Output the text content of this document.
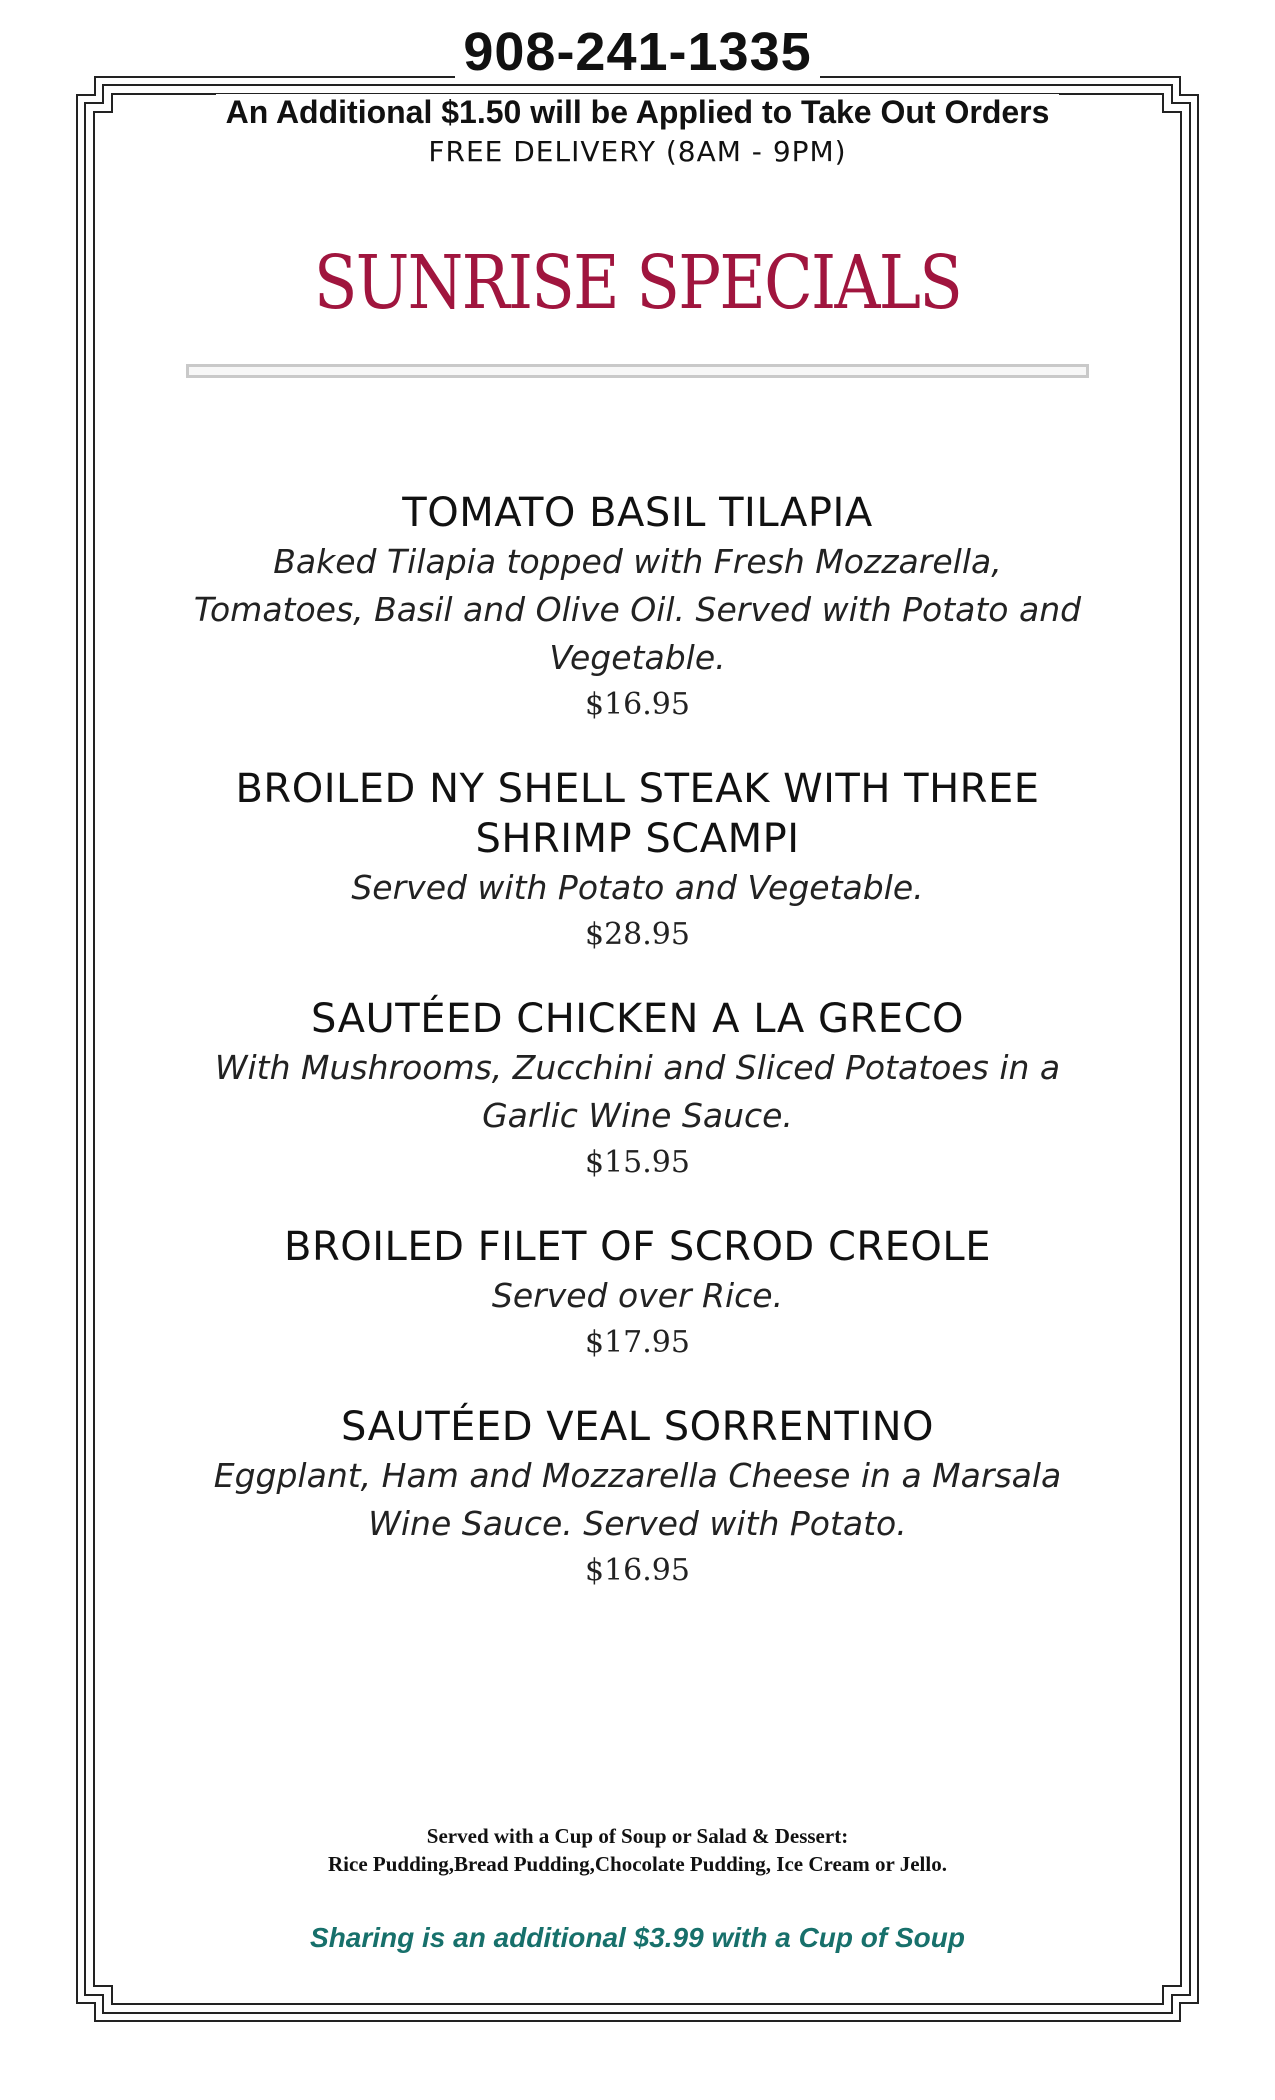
908-241-1335
An Additional $1.50 will be Applied to Take Out Orders
FREE DELIVERY (8AM - 9PM)
SUNRISE SPECIALS
TOMATO BASIL TILAPIA
Baked Tilapia topped with Fresh Mozzarella,
Tomatoes, Basil and Olive Oil. Served with Potato and
Vegetable.
$16.95
BROILED NY SHELL STEAK WITH THREE
SHRIMP SCAMPI
Served with Potato and Vegetable.
$28.95
SAUTÉED CHICKEN A LA GRECO
With Mushrooms, Zucchini and Sliced Potatoes in a
Garlic Wine Sauce.
$15.95
BROILED FILET OF SCROD CREOLE
Served over Rice.
$17.95
SAUTÉED VEAL SORRENTINO
Eggplant, Ham and Mozzarella Cheese in a Marsala
Wine Sauce. Served with Potato.
$16.95
Served with a Cup of Soup or Salad & Dessert:
Rice Pudding,Bread Pudding,Chocolate Pudding, Ice Cream or Jello.
Sharing is an additional $3.99 with a Cup of Soup
